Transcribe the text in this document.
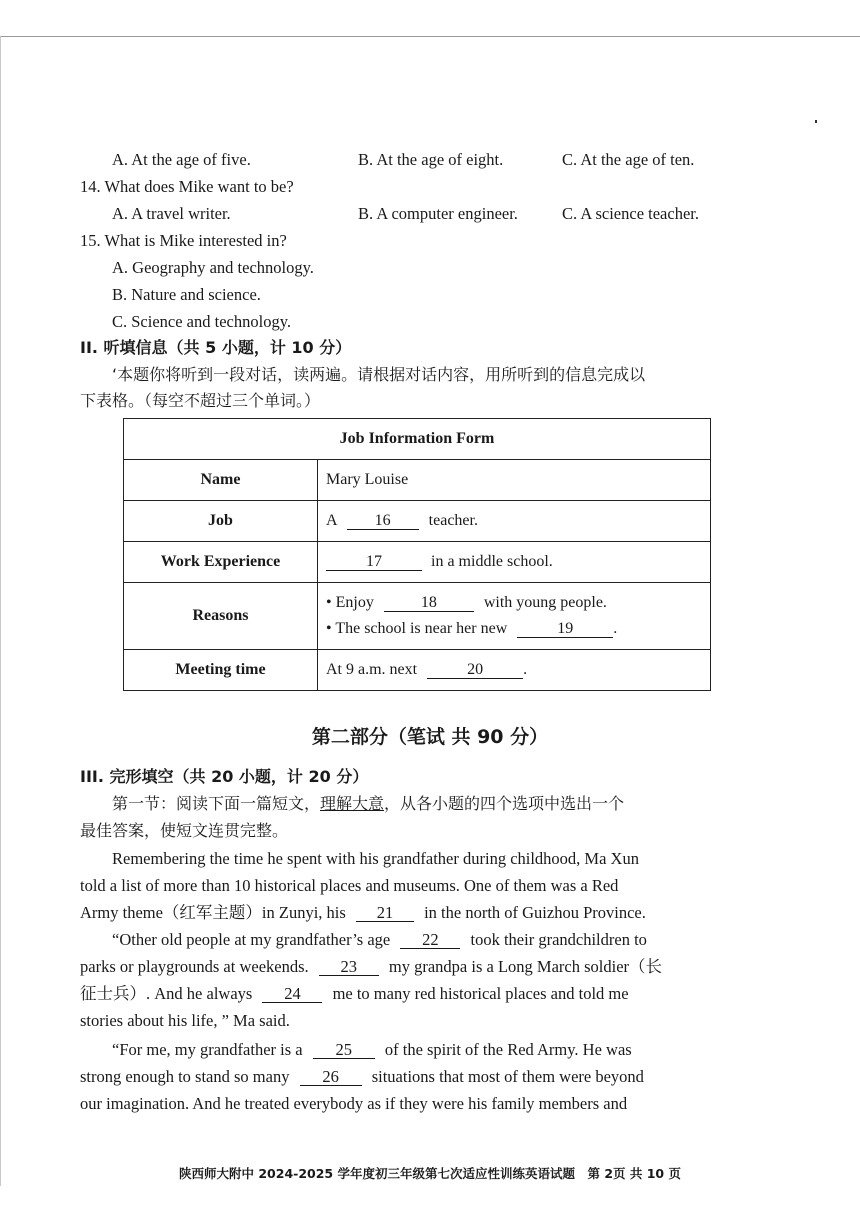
A. At the age of five.	B. At the age of eight.	C. At the age of ten.
14. What does Mike want to be?
A. A travel writer.	B. A computer engineer.	C. A science teacher.
15. What is Mike interested in?
A. Geography and technology.
B. Nature and science.
C. Science and technology.
II. 听填信息（共 5 小题，计 10 分）
‘本题你将听到一段对话，读两遍。请根据对话内容，用所听到的信息完成以
下表格。（每空不超过三个单词。）
Job Information Form	
Name	Mary Louise
Job	A 16 teacher.
Work Experience	17 in a middle school.
Reasons	• Enjoy 18 with young people.
• The school is near her new 19 .

Meeting time	At 9 a.m. next 20 .
第二部分（笔试 共 90 分）
III. 完形填空（共 20 小题，计 20 分）
第一节：阅读下面一篇短文，理解大意，从各小题的四个选项中选出一个
最佳答案，使短文连贯完整。
Remembering the time he spent with his grandfather during childhood, Ma Xun
told a list of more than 10 historical places and museums. One of them was a Red
Army theme（红军主题）in Zunyi, his 21 in the north of Guizhou Province.
“Other old people at my grandfather’s age 22 took their grandchildren to
parks or playgrounds at weekends. 23 my grandpa is a Long March soldier（长
征士兵）. And he always 24 me to many red historical places and told me
stories about his life, ” Ma said.
“For me, my grandfather is a 25 of the spirit of the Red Army. He was
strong enough to stand so many 26 situations that most of them were beyond
our imagination. And he treated everybody as if they were his family members and
陕西师大附中 2024-2025 学年度初三年级第七次适应性训练英语试题　第 2页 共 10 页
